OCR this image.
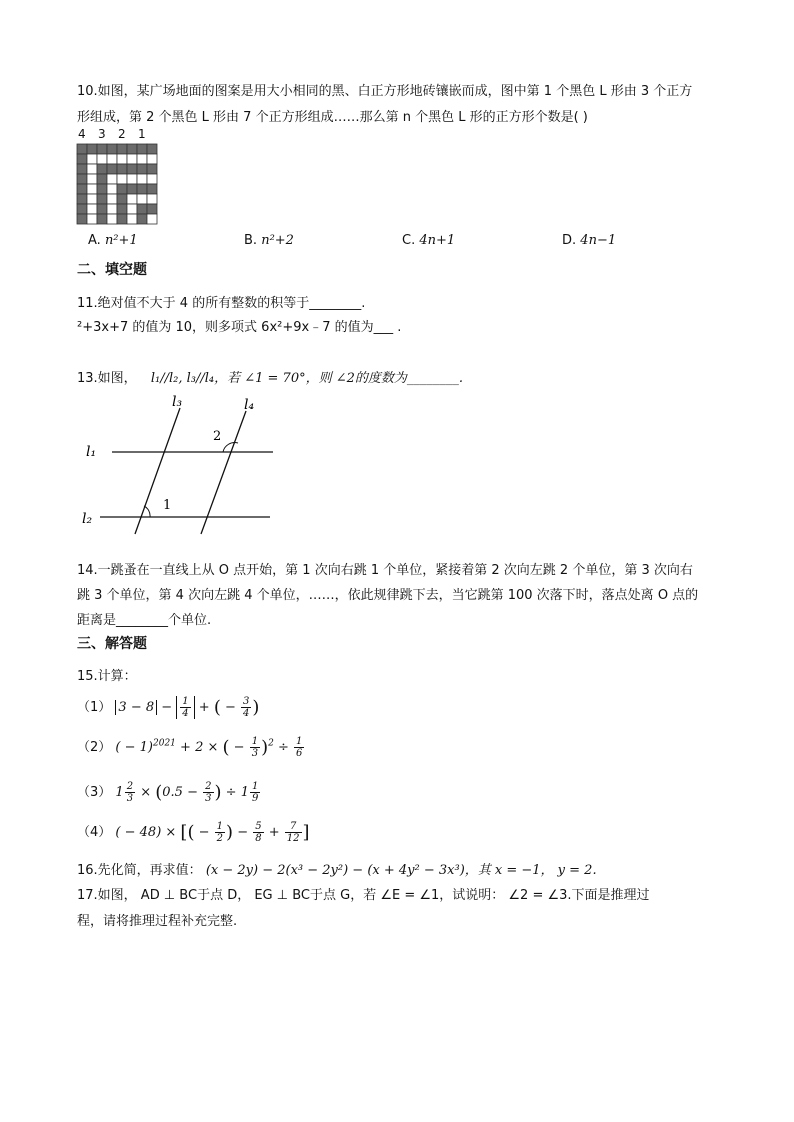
10.如图，某广场地面的图案是用大小相同的黑、白正方形地砖镶嵌而成，图中第 1 个黑色 L 形由 3 个正方
形组成，第 2 个黑色 L 形由 7 个正方形组成……那么第 n 个黑色 L 形的正方形个数是( )
4 3 2 1
A. n²+1	B. n²+2	C. 4n+1	D. 4n−1
二、填空题
11.绝对值不大于 4 的所有整数的积等于________.
²+3x+7 的值为 10，则多项式 6x²+9x﹣7 的值为___ .
13.如图， l₁//l₂, l₃//l₄，若 ∠1 = 70°，则 ∠2的度数为________.
l₃	l₄
l₁
l₂
1
2
14.一跳蚤在一直线上从 O 点开始，第 1 次向右跳 1 个单位，紧接着第 2 次向左跳 2 个单位，第 3 次向右
跳 3 个单位，第 4 次向左跳 4 个单位，……，依此规律跳下去，当它跳第 100 次落下时，落点处离 O 点的
距离是________个单位.
三、解答题
15.计算：
（1） $3 - 8 - \frac{1}{4}$ + ( − $\frac{3}{4}$ )
（2） ( − 1)$^{2021}$ + 2 × ( − $\frac{1}{3} )^2 \div \frac{1}{6}$
（3） $1 \frac{2}{3} \times (0.5 - \frac{2}{3}$ ) ÷ $1 \frac{1}{9}$
（4） ( − 48) × [( − $\frac{1}{2}$ ) − $\frac{5}{8} + \frac{7}{12}$ ]
16.先化简，再求值： (x − 2y) − 2(x³ − 2y²) − (x + 4y² − 3x³)，其 x = −1， y = 2.
17.如图， AD ⊥ BC于点 D， EG ⊥ BC于点 G，若 ∠E = ∠1，试说明： ∠2 = ∠3.下面是推理过
程，请将推理过程补充完整.
